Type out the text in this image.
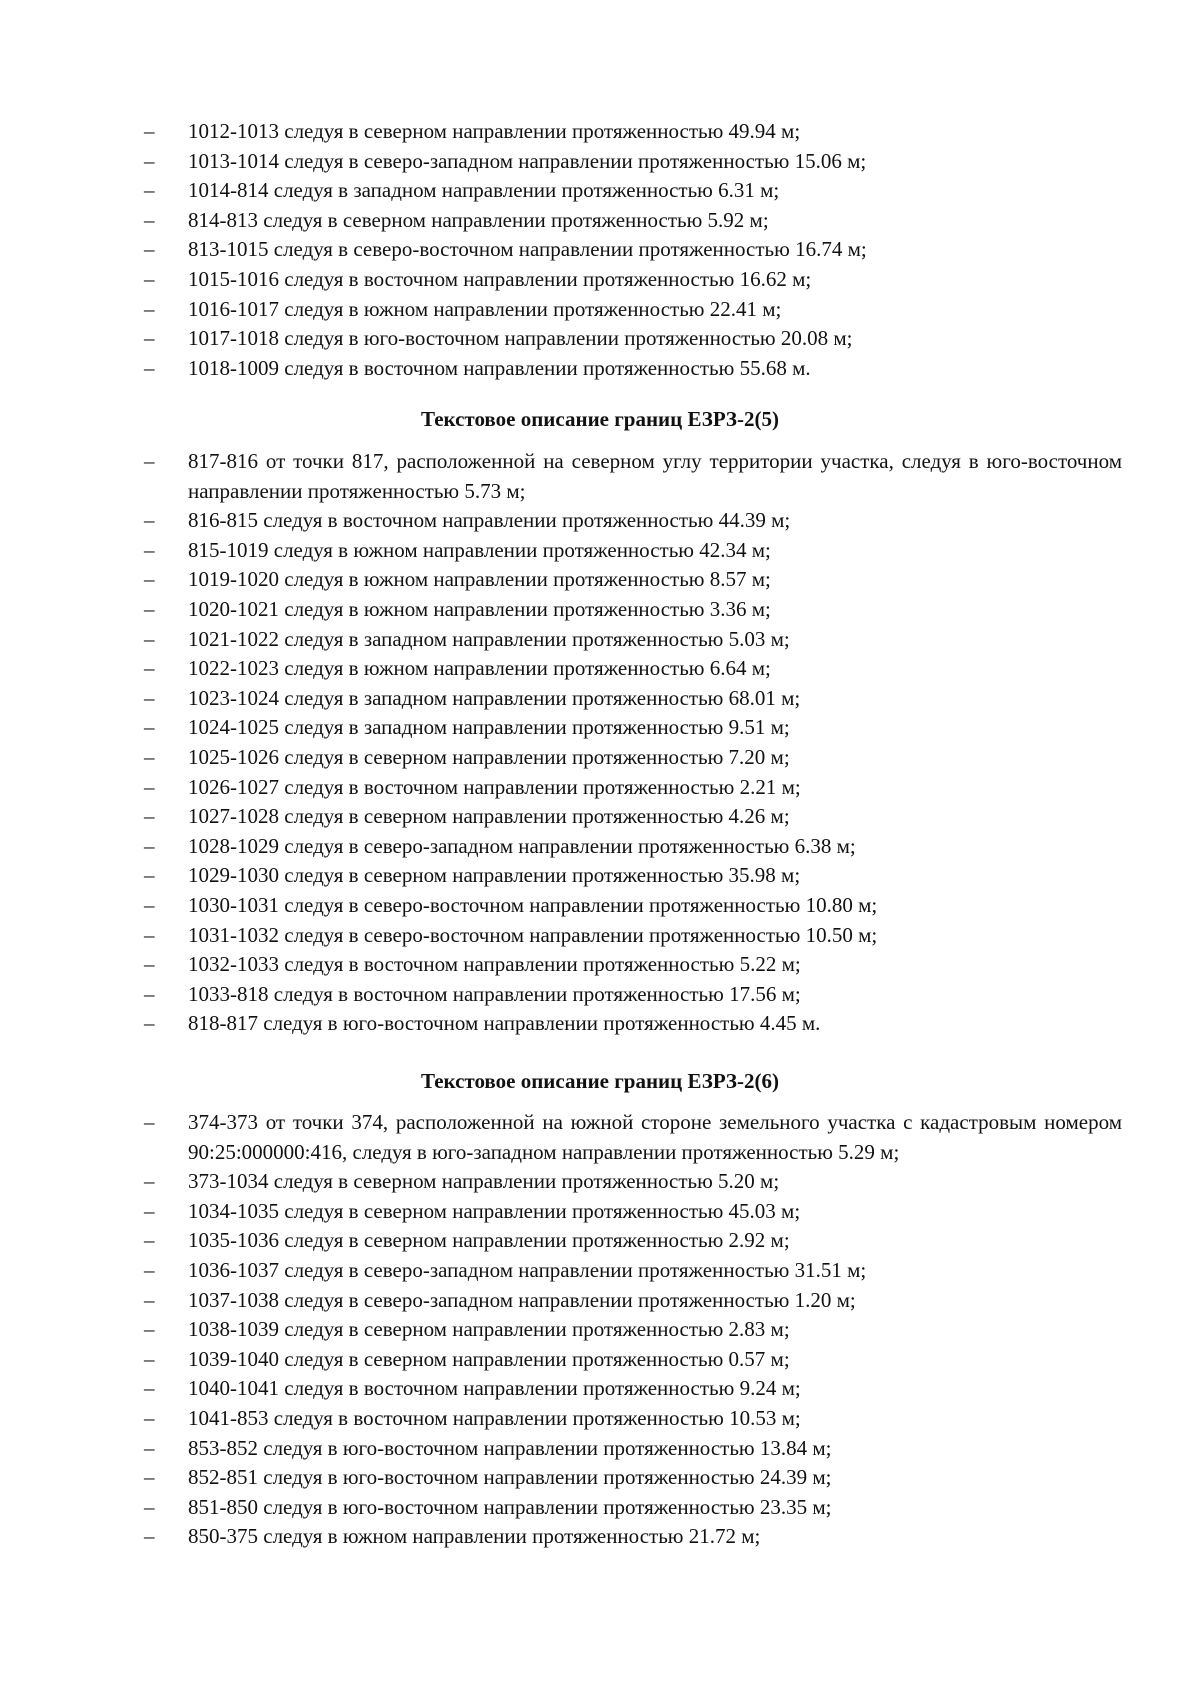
– 1012-1013 следуя в северном направлении протяженностью 49.94 м;
– 1013-1014 следуя в северо-западном направлении протяженностью 15.06 м;
– 1014-814 следуя в западном направлении протяженностью 6.31 м;
– 814-813 следуя в северном направлении протяженностью 5.92 м;
– 813-1015 следуя в северо-восточном направлении протяженностью 16.74 м;
– 1015-1016 следуя в восточном направлении протяженностью 16.62 м;
– 1016-1017 следуя в южном направлении протяженностью 22.41 м;
– 1017-1018 следуя в юго-восточном направлении протяженностью 20.08 м;
– 1018-1009 следуя в восточном направлении протяженностью 55.68 м.
Текстовое описание границ ЕЗРЗ-2(5)
– 817-816 от точки 817, расположенной на северном углу территории участка, следуя в юго-восточном направлении протяженностью 5.73 м;
– 816-815 следуя в восточном направлении протяженностью 44.39 м;
– 815-1019 следуя в южном направлении протяженностью 42.34 м;
– 1019-1020 следуя в южном направлении протяженностью 8.57 м;
– 1020-1021 следуя в южном направлении протяженностью 3.36 м;
– 1021-1022 следуя в западном направлении протяженностью 5.03 м;
– 1022-1023 следуя в южном направлении протяженностью 6.64 м;
– 1023-1024 следуя в западном направлении протяженностью 68.01 м;
– 1024-1025 следуя в западном направлении протяженностью 9.51 м;
– 1025-1026 следуя в северном направлении протяженностью 7.20 м;
– 1026-1027 следуя в восточном направлении протяженностью 2.21 м;
– 1027-1028 следуя в северном направлении протяженностью 4.26 м;
– 1028-1029 следуя в северо-западном направлении протяженностью 6.38 м;
– 1029-1030 следуя в северном направлении протяженностью 35.98 м;
– 1030-1031 следуя в северо-восточном направлении протяженностью 10.80 м;
– 1031-1032 следуя в северо-восточном направлении протяженностью 10.50 м;
– 1032-1033 следуя в восточном направлении протяженностью 5.22 м;
– 1033-818 следуя в восточном направлении протяженностью 17.56 м;
– 818-817 следуя в юго-восточном направлении протяженностью 4.45 м.
Текстовое описание границ ЕЗРЗ-2(6)
– 374-373 от точки 374, расположенной на южной стороне земельного участка с кадастровым номером 90:25:000000:416, следуя в юго-западном направлении протяженностью 5.29 м;
– 373-1034 следуя в северном направлении протяженностью 5.20 м;
– 1034-1035 следуя в северном направлении протяженностью 45.03 м;
– 1035-1036 следуя в северном направлении протяженностью 2.92 м;
– 1036-1037 следуя в северо-западном направлении протяженностью 31.51 м;
– 1037-1038 следуя в северо-западном направлении протяженностью 1.20 м;
– 1038-1039 следуя в северном направлении протяженностью 2.83 м;
– 1039-1040 следуя в северном направлении протяженностью 0.57 м;
– 1040-1041 следуя в восточном направлении протяженностью 9.24 м;
– 1041-853 следуя в восточном направлении протяженностью 10.53 м;
– 853-852 следуя в юго-восточном направлении протяженностью 13.84 м;
– 852-851 следуя в юго-восточном направлении протяженностью 24.39 м;
– 851-850 следуя в юго-восточном направлении протяженностью 23.35 м;
– 850-375 следуя в южном направлении протяженностью 21.72 м;
